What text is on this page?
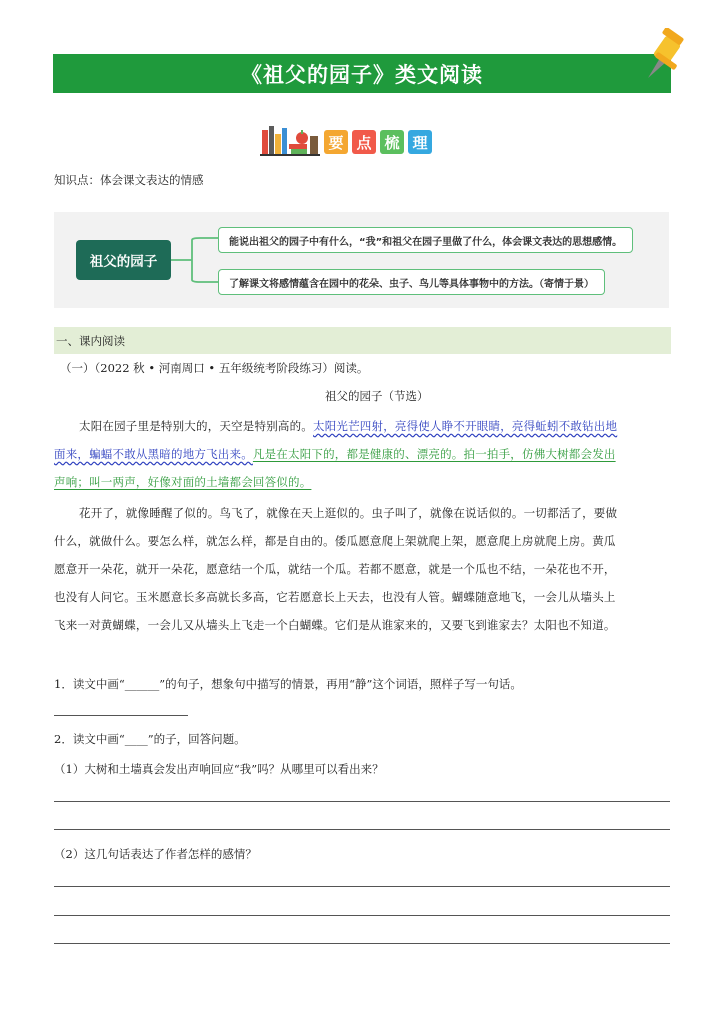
《祖父的园子》类文阅读
要 点 梳 理
知识点：体会课文表达的情感
祖父的园子
能说出祖父的园子中有什么，“我”和祖父在园子里做了什么，体会课文表达的思想感情。
了解课文将感情蕴含在园中的花朵、虫子、鸟儿等具体事物中的方法。（寄情于景）
一、课内阅读
（一）（2022 秋 • 河南周口 • 五年级统考阶段练习）阅读。
祖父的园子（节选）
太阳在园子里是特别大的，天空是特别高的。太阳光芒四射，亮得使人睁不开眼睛，亮得蚯蚓不敢钻出地
面来，蝙蝠不敢从黑暗的地方飞出来。凡是在太阳下的，都是健康的、漂亮的。拍一拍手，仿佛大树都会发出
声响；叫一两声，好像对面的土墙都会回答似的。
花开了，就像睡醒了似的。鸟飞了，就像在天上逛似的。虫子叫了，就像在说话似的。一切都活了，要做
什么，就做什么。要怎么样，就怎么样，都是自由的。倭瓜愿意爬上架就爬上架，愿意爬上房就爬上房。黄瓜
愿意开一朵花，就开一朵花，愿意结一个瓜，就结一个瓜。若都不愿意，就是一个瓜也不结，一朵花也不开，
也没有人问它。玉米愿意长多高就长多高，它若愿意长上天去，也没有人管。蝴蝶随意地飞，一会儿从墙头上
飞来一对黄蝴蝶，一会儿又从墙头上飞走一个白蝴蝶。它们是从谁家来的，又要飞到谁家去？太阳也不知道。
1．读文中画“______”的句子，想象句中描写的情景，再用“静”这个词语，照样子写一句话。
2．读文中画“____”的子，回答问题。
（1）大树和土墙真会发出声响回应“我”吗？从哪里可以看出来？
（2）这几句话表达了作者怎样的感情？
